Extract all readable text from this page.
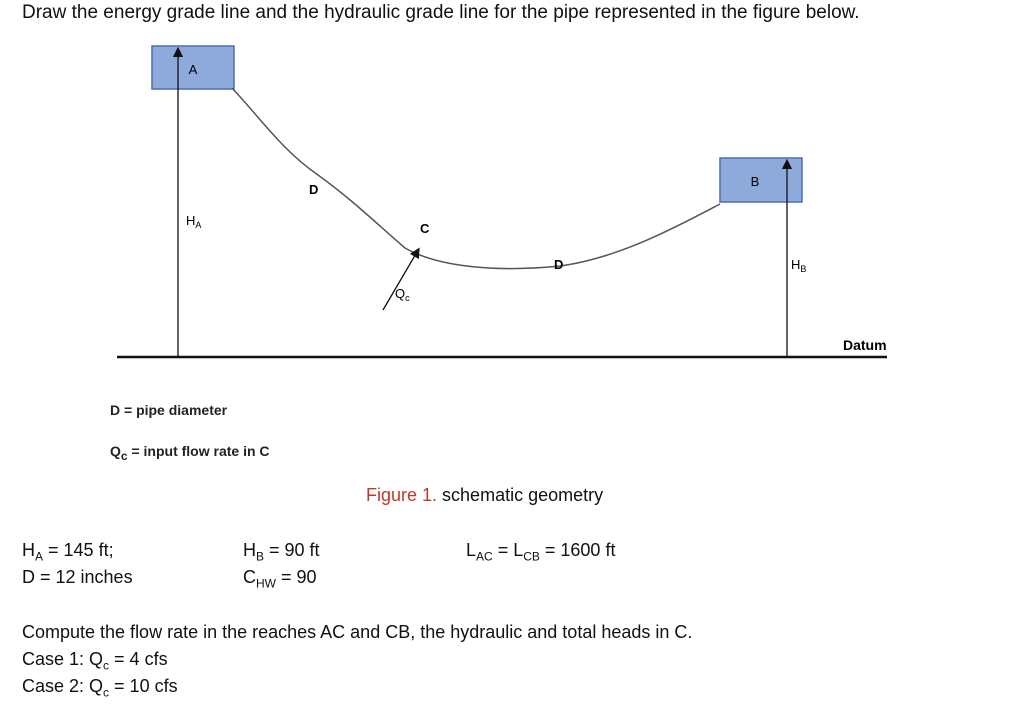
Draw the energy grade line and the hydraulic grade line for the pipe represented in the figure below.
A
B
D
C
D
$H_A$
$H_B$
$Q_c$
Datum
D = pipe diameter
$Q_c$ = input flow rate in C
Figure 1. schematic geometry
$H_A = 145$ ft;
D = 12 inches
$H_B = 90$ ft
$C_{HW} = 90$
$L_{AC} = L_{CB} = 1600$ ft
Compute the flow rate in the reaches AC and CB, the hydraulic and total heads in C.
Case 1: $Q_c = 4$ cfs
Case 2: $Q_c = 10$ cfs
